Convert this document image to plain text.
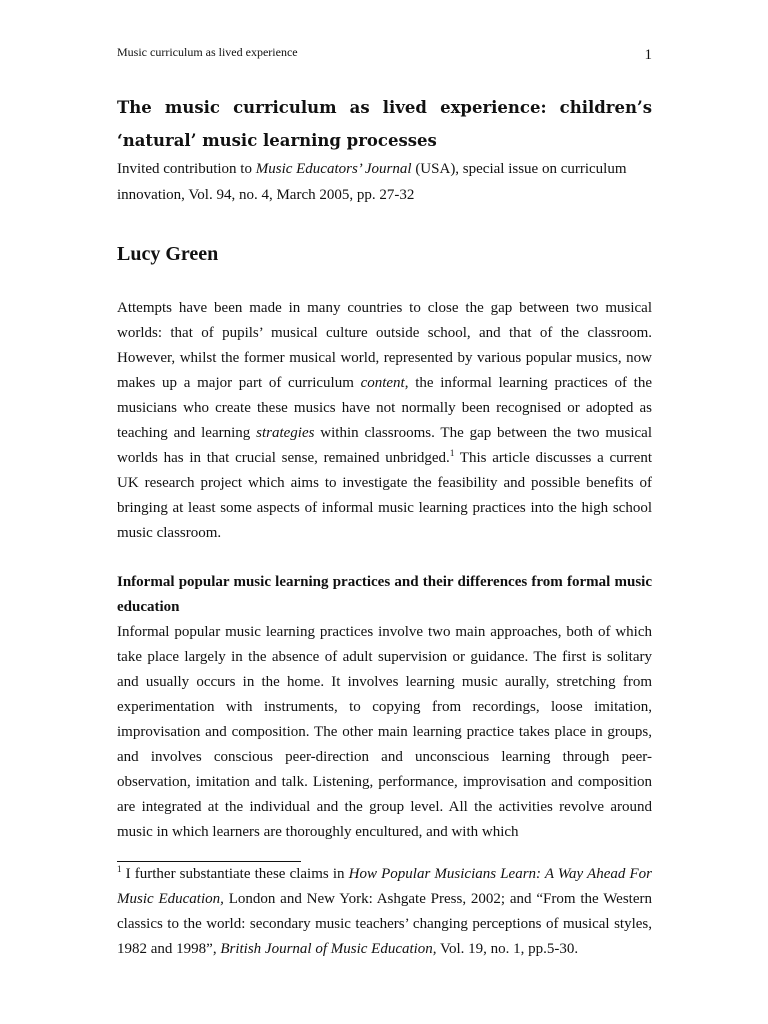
Music curriculum as lived experience	1
The music curriculum as lived experience: children’s ‘natural’ music learning processes

Invited contribution to Music Educators’ Journal (USA), special issue on curriculum innovation, Vol. 94, no. 4, March 2005, pp. 27-32

Lucy Green

Attempts have been made in many countries to close the gap between two musical worlds: that of pupils’ musical culture outside school, and that of the classroom. However, whilst the former musical world, represented by various popular musics, now makes up a major part of curriculum content, the informal learning practices of the musicians who create these musics have not normally been recognised or adopted as teaching and learning strategies within classrooms. The gap between the two musical worlds has in that crucial sense, remained unbridged.$^1$ This article discusses a current UK research project which aims to investigate the feasibility and possible benefits of bringing at least some aspects of informal music learning practices into the high school music classroom.

Informal popular music learning practices and their differences from formal music education

Informal popular music learning practices involve two main approaches, both of which take place largely in the absence of adult supervision or guidance. The first is solitary and usually occurs in the home. It involves learning music aurally, stretching from experimentation with instruments, to copying from recordings, loose imitation, improvisation and composition. The other main learning practice takes place in groups, and involves conscious peer-direction and unconscious learning through peer-observation, imitation and talk. Listening, performance, improvisation and composition are integrated at the individual and the group level. All the activities revolve around music in which learners are thoroughly encultured, and with which

$^1$ I further substantiate these claims in How Popular Musicians Learn: A Way Ahead For Music Education, London and New York: Ashgate Press, 2002; and “From the Western classics to the world: secondary music teachers’ changing perceptions of musical styles, 1982 and 1998”, British Journal of Music Education, Vol. 19, no. 1, pp.5-30.
